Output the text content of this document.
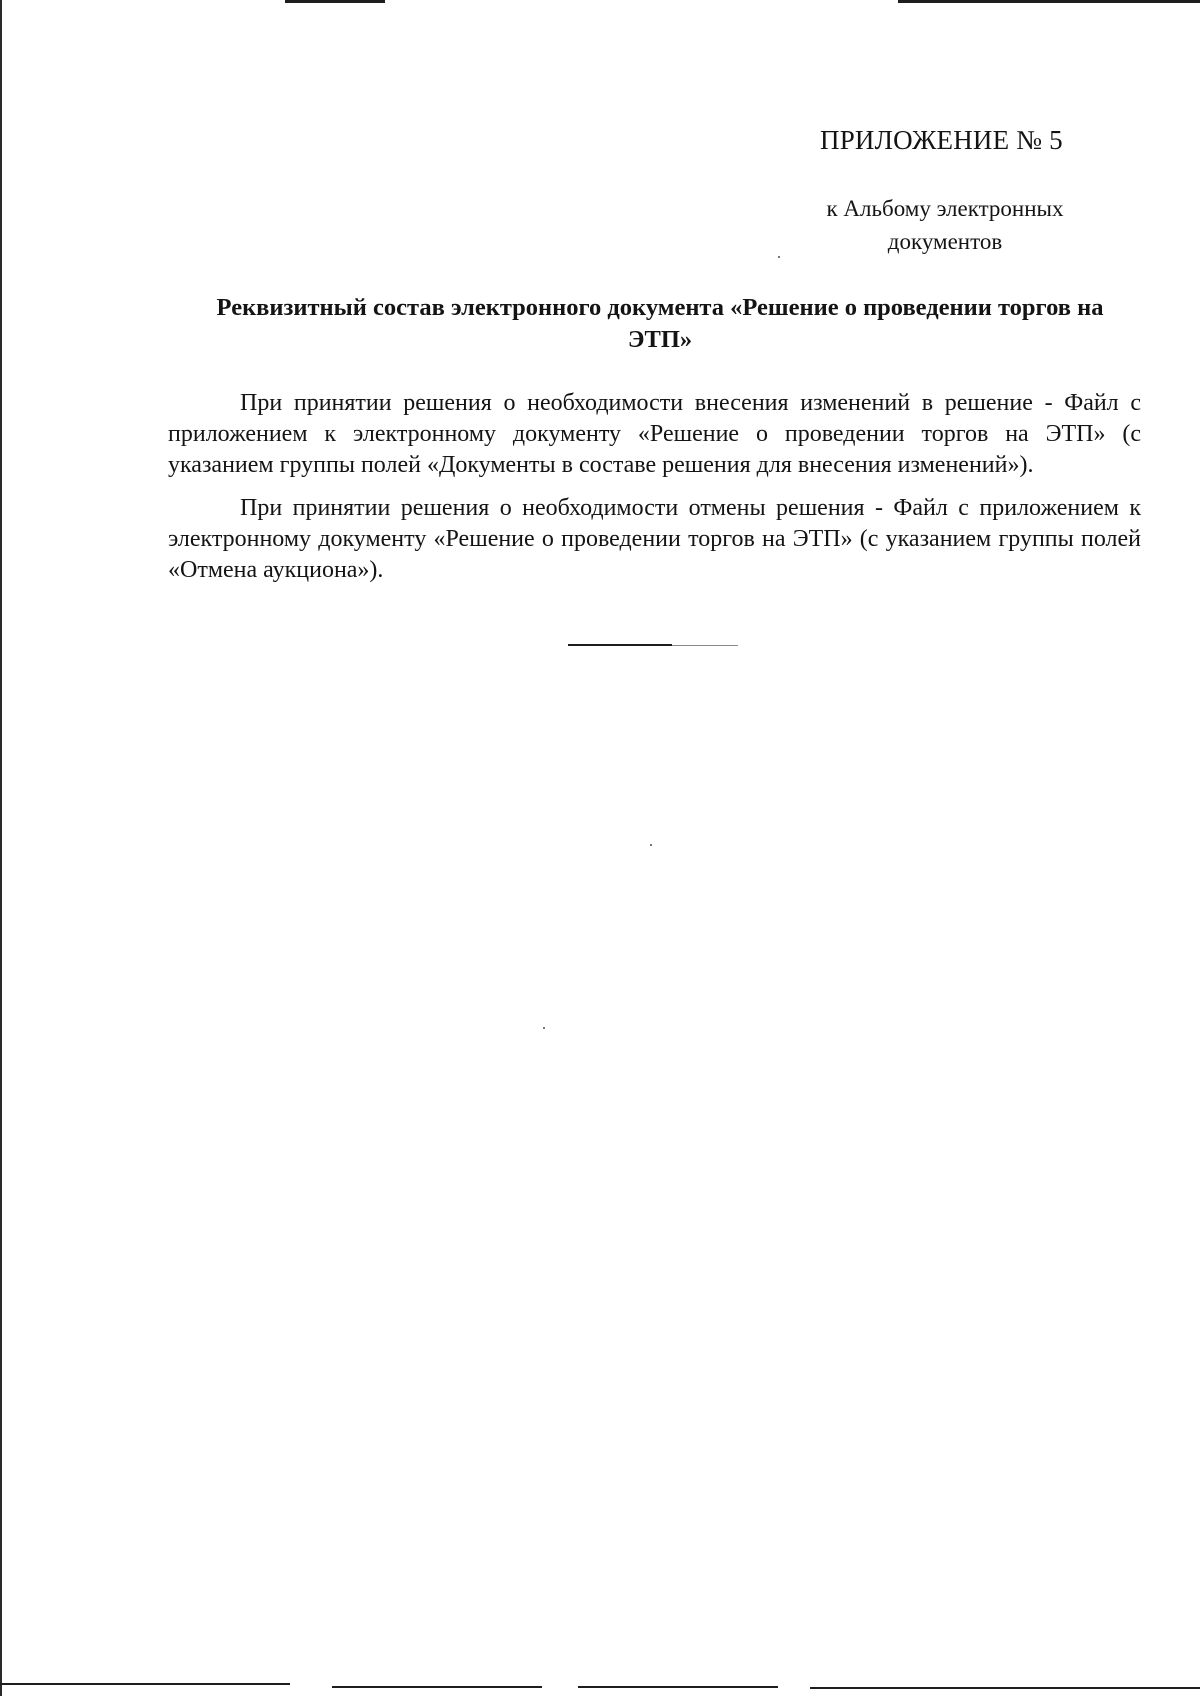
ПРИЛОЖЕНИЕ № 5
к Альбому электронных документов
Реквизитный состав электронного документа «Решение о проведении торгов на ЭТП»

При принятии решения о необходимости внесения изменений в решение - Файл с приложением к электронному документу «Решение о проведении торгов на ЭТП» (с указанием группы полей «Документы в составе решения для внесения изменений»).

При принятии решения о необходимости отмены решения - Файл с приложением к электронному документу «Решение о проведении торгов на ЭТП» (с указанием группы полей «Отмена аукциона»).
